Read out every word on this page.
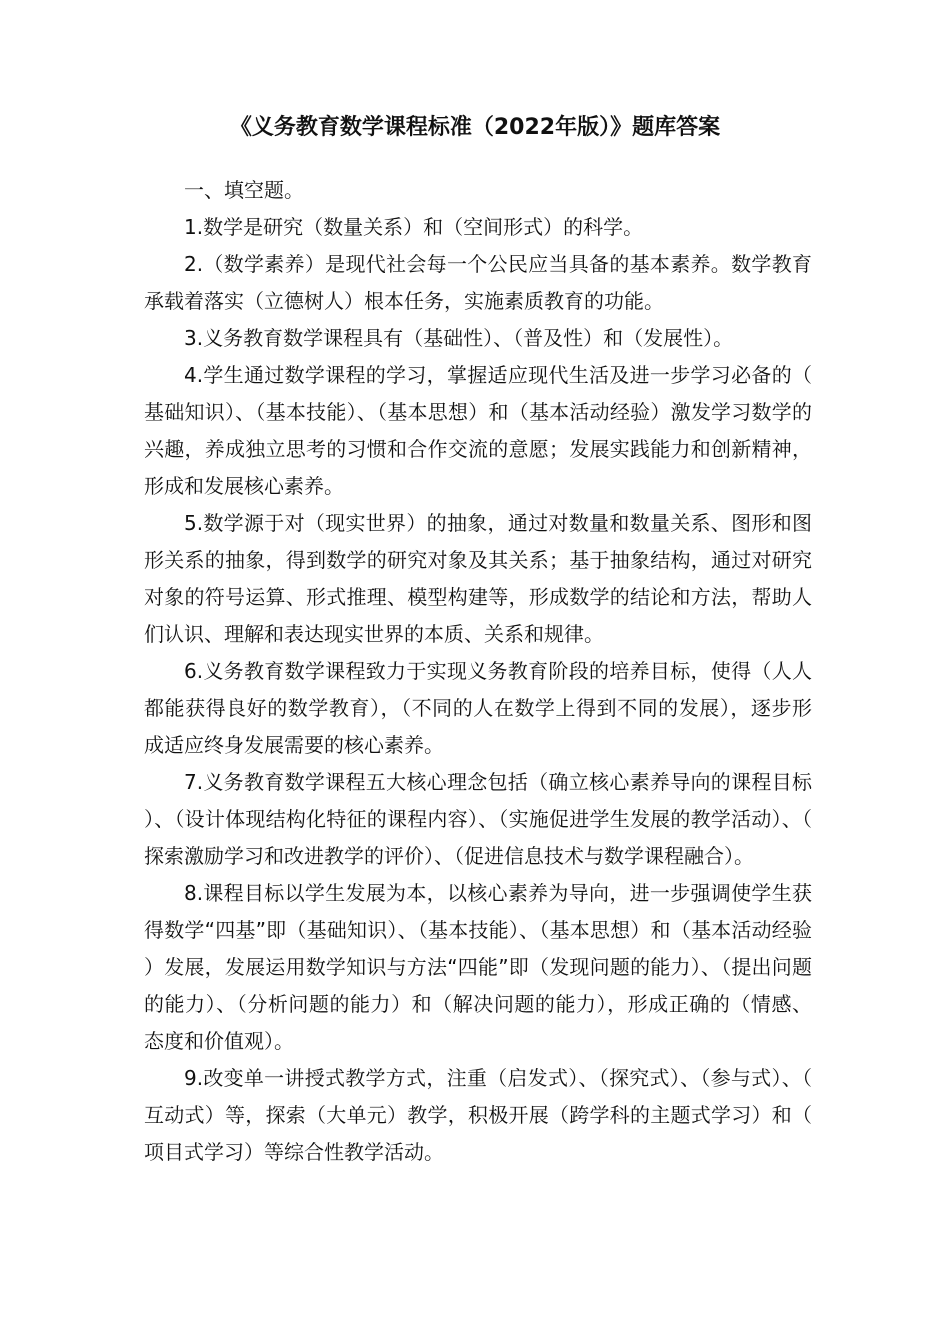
《义务教育数学课程标准（2022年版）》题库答案

一、填空题。

1.数学是研究（数量关系）和（空间形式）的科学。

2.（数学素养）是现代社会每一个公民应当具备的基本素养。数学教育承载着落实（立德树人）根本任务，实施素质教育的功能。

3.义务教育数学课程具有（基础性）、（普及性）和（发展性）。

4.学生通过数学课程的学习，掌握适应现代生活及进一步学习必备的（基础知识）、（基本技能）、（基本思想）和（基本活动经验）激发学习数学的兴趣，养成独立思考的习惯和合作交流的意愿；发展实践能力和创新精神，形成和发展核心素养。

5.数学源于对（现实世界）的抽象，通过对数量和数量关系、图形和图形关系的抽象，得到数学的研究对象及其关系；基于抽象结构，通过对研究对象的符号运算、形式推理、模型构建等，形成数学的结论和方法，帮助人们认识、理解和表达现实世界的本质、关系和规律。

6.义务教育数学课程致力于实现义务教育阶段的培养目标，使得（人人都能获得良好的数学教育），（不同的人在数学上得到不同的发展），逐步形成适应终身发展需要的核心素养。

7.义务教育数学课程五大核心理念包括（确立核心素养导向的课程目标）、（设计体现结构化特征的课程内容）、（实施促进学生发展的教学活动）、（探索激励学习和改进教学的评价）、（促进信息技术与数学课程融合）。

8.课程目标以学生发展为本，以核心素养为导向，进一步强调使学生获得数学“四基”即（基础知识）、（基本技能）、（基本思想）和（基本活动经验）发展，发展运用数学知识与方法“四能”即（发现问题的能力）、（提出问题的能力）、（分析问题的能力）和（解决问题的能力），形成正确的（情感、态度和价值观）。

9.改变单一讲授式教学方式，注重（启发式）、（探究式）、（参与式）、（互动式）等，探索（大单元）教学，积极开展（跨学科的主题式学习）和（项目式学习）等综合性教学活动。
